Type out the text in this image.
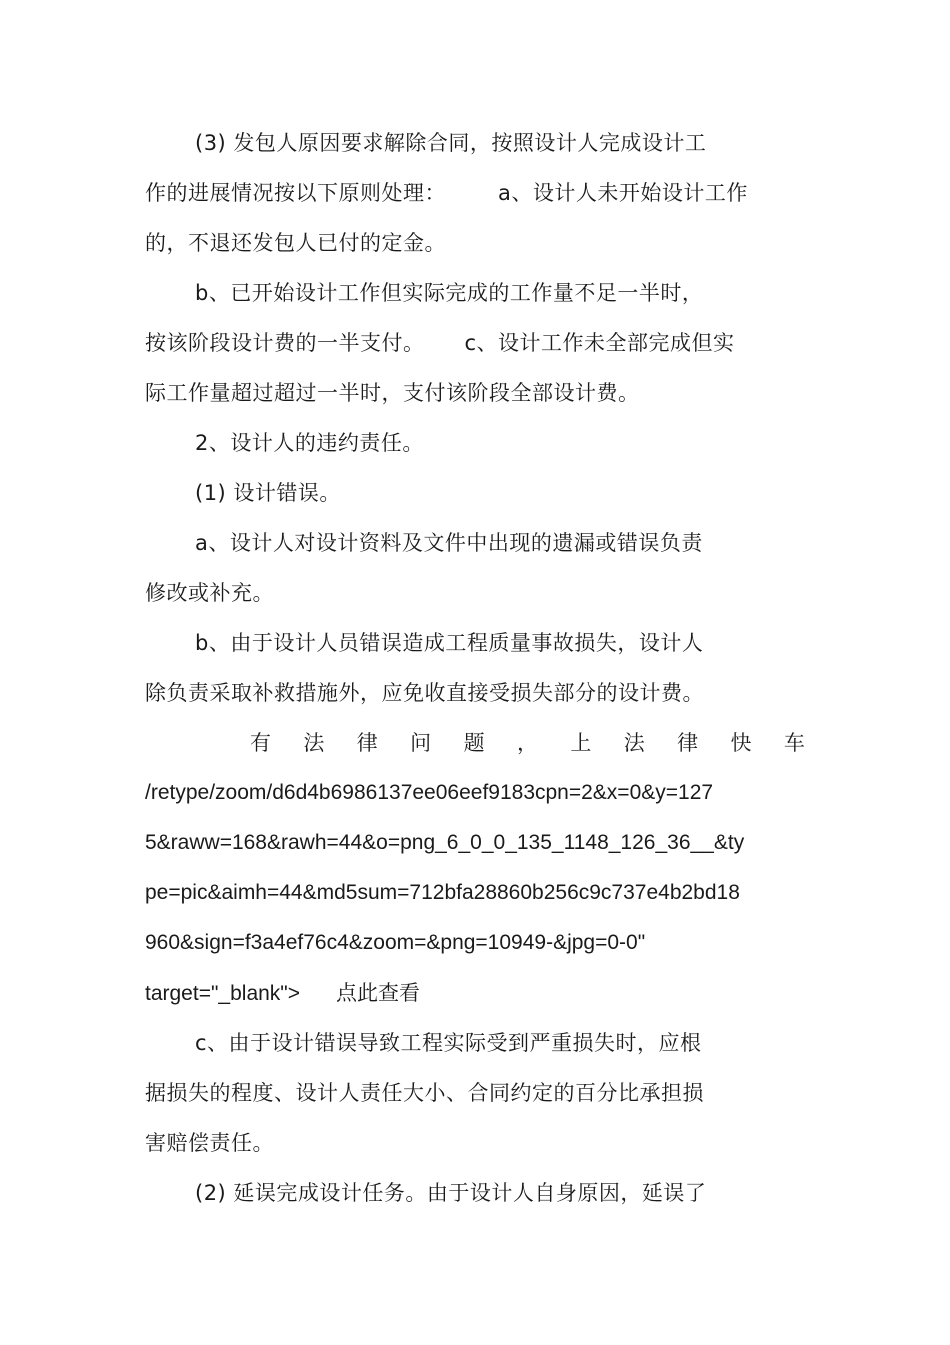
(3) 发包人原因要求解除合同，按照设计人完成设计工
作的进展情况按以下原则处理： a、设计人未开始设计工作
的，不退还发包人已付的定金。
b、已开始设计工作但实际完成的工作量不足一半时，
按该阶段设计费的一半支付。 c、设计工作未全部完成但实
际工作量超过超过一半时，支付该阶段全部设计费。
2、设计人的违约责任。
(1) 设计错误。
a、设计人对设计资料及文件中出现的遗漏或错误负责
修改或补充。
b、由于设计人员错误造成工程质量事故损失，设计人
除负责采取补救措施外，应免收直接受损失部分的设计费。
有 法 律 问 题 ， 上 法 律 快 车
/retype/zoom/d6d4b6986137ee06eef9183cpn=2&x=0&y=127
5&raww=168&rawh=44&o=png_6_0_0_135_1148_126_36__&ty
pe=pic&aimh=44&md5sum=712bfa28860b256c9c737e4b2bd18
960&sign=f3a4ef76c4&zoom=&png=10949-&jpg=0-0"
target="_blank"> 点此查看
c、由于设计错误导致工程实际受到严重损失时，应根
据损失的程度、设计人责任大小、合同约定的百分比承担损
害赔偿责任。
(2) 延误完成设计任务。由于设计人自身原因，延误了
